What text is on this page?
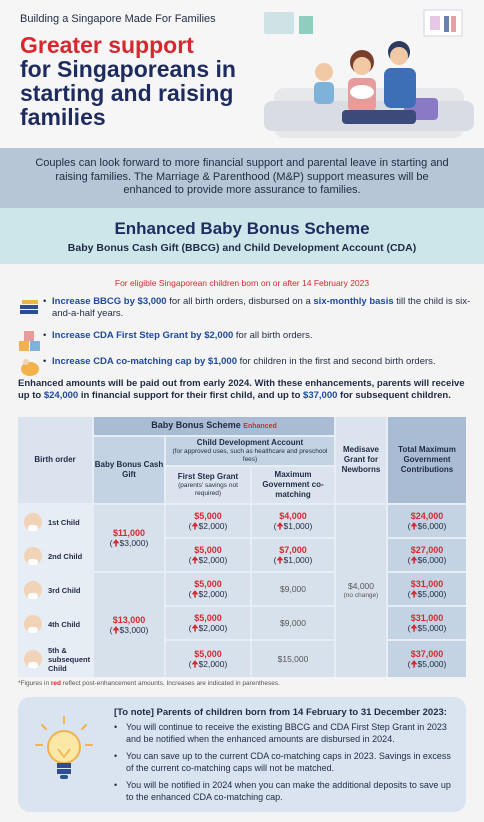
Building a Singapore Made For Families
Greater support
for Singaporeans in starting and raising families
Couples can look forward to more financial support and parental leave in starting and raising families. The Marriage & Parenthood (M&P) support measures will be enhanced to provide more assurance to families.
Enhanced Baby Bonus Scheme
Baby Bonus Cash Gift (BBCG) and Child Development Account (CDA)
For eligible Singaporean children born on or after 14 February 2023
• Increase BBCG by $3,000 for all birth orders, disbursed on a six-monthly basis till the child is six-and-a-half years.
• Increase CDA First Step Grant by $2,000 for all birth orders.
• Increase CDA co-matching cap by $1,000 for children in the first and second birth orders.
Enhanced amounts will be paid out from early 2024. With these enhancements, parents will receive up to $24,000 in financial support for their first child, and up to $37,000 for subsequent children.
Baby Bonus Scheme Enhanced
Birth order
Baby Bonus Cash Gift
Child Development Account
(for approved uses, such as healthcare and preschool fees)
First Step Grant
(parents' savings not required)
Maximum Government co-matching
Medisave Grant for Newborns
Total Maximum Government Contributions
1st Child
2nd Child
3rd Child
4th Child
5th & subsequent Child
$11,000
(🠉$3,000)
$13,000
(🠉$3,000)
$5,000
(🠉$2,000)
$5,000
(🠉$2,000)
$5,000
(🠉$2,000)
$5,000
(🠉$2,000)
$5,000
(🠉$2,000)
$4,000
(🠉$1,000)
$7,000
(🠉$1,000)
$9,000
$9,000
$15,000
$4,000
(no change)
$24,000
(🠉$6,000)
$27,000
(🠉$6,000)
$31,000
(🠉$5,000)
$31,000
(🠉$5,000)
$37,000
(🠉$5,000)
*Figures in red reflect post-enhancement amounts. Increases are indicated in parentheses.
[To note] Parents of children born from 14 February to 31 December 2023:
• You will continue to receive the existing BBCG and CDA First Step Grant in 2023 and be notified when the enhanced amounts are disbursed in 2024.
• You can save up to the current CDA co-matching caps in 2023. Savings in excess of the current co-matching caps will not be matched.
• You will be notified in 2024 when you can make the additional deposits to save up to the enhanced CDA co-matching cap.
